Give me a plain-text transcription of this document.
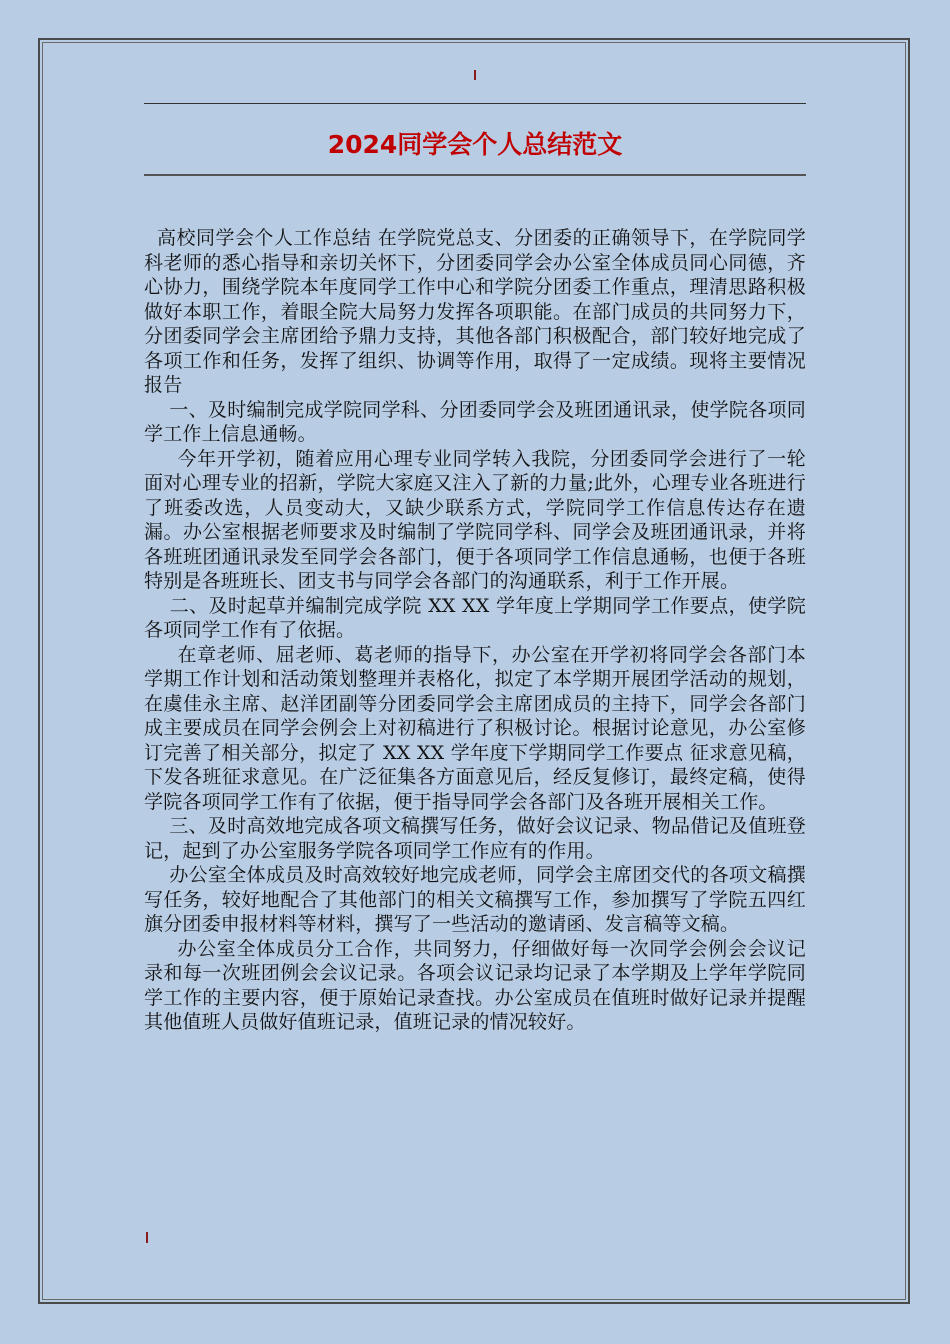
2024同学会个人总结范文

高校同学会个人工作总结 在学院党总支、分团委的正确领导下，在学院同学科老师的悉心指导和亲切关怀下，分团委同学会办公室全体成员同心同德，齐心协力，围绕学院本年度同学工作中心和学院分团委工作重点，理清思路积极做好本职工作，着眼全院大局努力发挥各项职能。在部门成员的共同努力下，分团委同学会主席团给予鼎力支持，其他各部门积极配合，部门较好地完成了各项工作和任务，发挥了组织、协调等作用，取得了一定成绩。现将主要情况报告

一、及时编制完成学院同学科、分团委同学会及班团通讯录，使学院各项同学工作上信息通畅。

今年开学初，随着应用心理专业同学转入我院，分团委同学会进行了一轮面对心理专业的招新，学院大家庭又注入了新的力量;此外，心理专业各班进行了班委改选，人员变动大，又缺少联系方式，学院同学工作信息传达存在遗漏。办公室根据老师要求及时编制了学院同学科、同学会及班团通讯录，并将各班班团通讯录发至同学会各部门，便于各项同学工作信息通畅，也便于各班特别是各班班长、团支书与同学会各部门的沟通联系，利于工作开展。

二、及时起草并编制完成学院 XX XX 学年度上学期同学工作要点，使学院各项同学工作有了依据。

在章老师、屈老师、葛老师的指导下，办公室在开学初将同学会各部门本学期工作计划和活动策划整理并表格化，拟定了本学期开展团学活动的规划，在虞佳永主席、赵洋团副等分团委同学会主席团成员的主持下，同学会各部门成主要成员在同学会例会上对初稿进行了积极讨论。根据讨论意见，办公室修订完善了相关部分，拟定了 XX XX 学年度下学期同学工作要点 征求意见稿，下发各班征求意见。在广泛征集各方面意见后，经反复修订，最终定稿，使得学院各项同学工作有了依据，便于指导同学会各部门及各班开展相关工作。

三、及时高效地完成各项文稿撰写任务，做好会议记录、物品借记及值班登记，起到了办公室服务学院各项同学工作应有的作用。

办公室全体成员及时高效较好地完成老师，同学会主席团交代的各项文稿撰写任务，较好地配合了其他部门的相关文稿撰写工作，参加撰写了学院五四红旗分团委申报材料等材料，撰写了一些活动的邀请函、发言稿等文稿。

办公室全体成员分工合作，共同努力，仔细做好每一次同学会例会会议记录和每一次班团例会会议记录。各项会议记录均记录了本学期及上学年学院同学工作的主要内容，便于原始记录查找。办公室成员在值班时做好记录并提醒其他值班人员做好值班记录，值班记录的情况较好。
